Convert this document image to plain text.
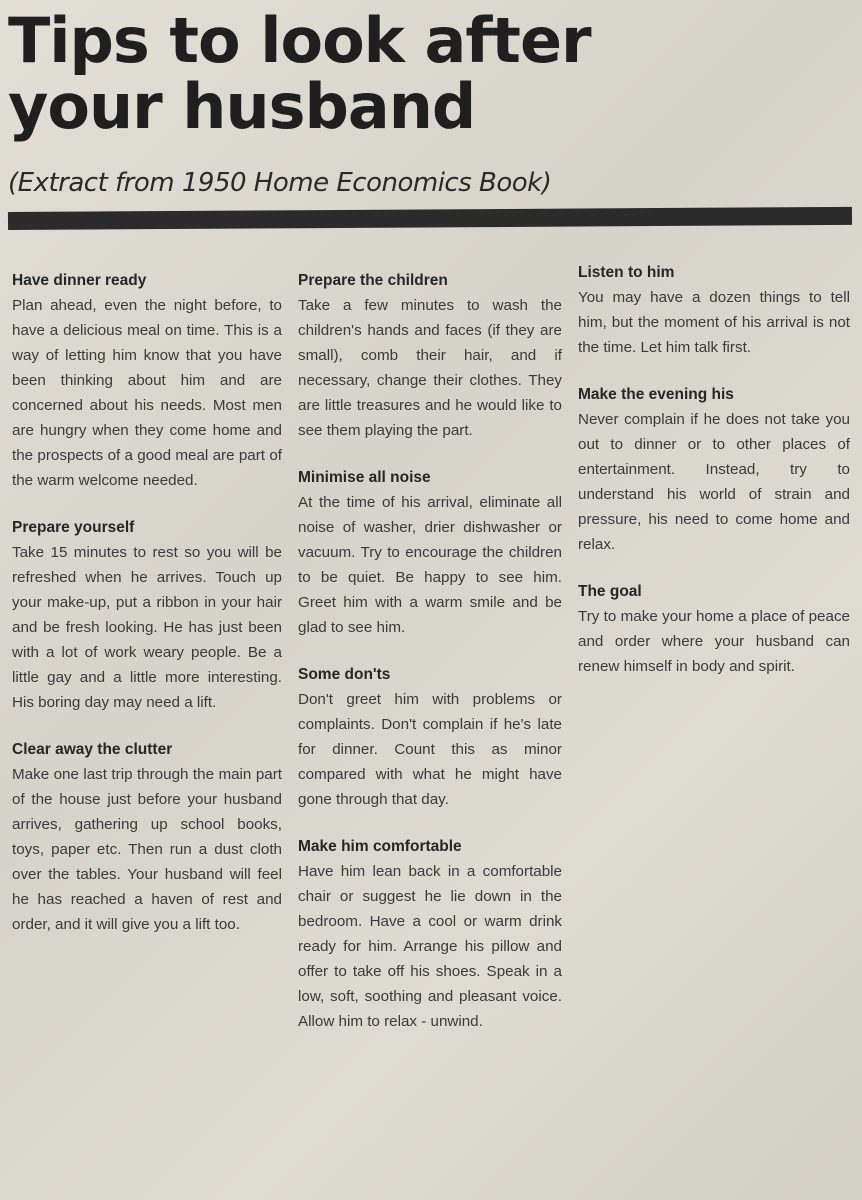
Tips to look after
your husband
(Extract from 1950 Home Economics Book)
Have dinner ready

Plan ahead, even the night before, to have a delicious meal on time. This is a way of letting him know that you have been thinking about him and are concerned about his needs. Most men are hungry when they come home and the prospects of a good meal are part of the warm welcome needed.

Prepare yourself

Take 15 minutes to rest so you will be refreshed when he arrives. Touch up your make-up, put a ribbon in your hair and be fresh looking. He has just been with a lot of work weary people. Be a little gay and a little more interesting. His boring day may need a lift.

Clear away the clutter

Make one last trip through the main part of the house just before your husband arrives, gathering up school books, toys, paper etc. Then run a dust cloth over the tables. Your husband will feel he has reached a haven of rest and order, and it will give you a lift too.

Prepare the children

Take a few minutes to wash the children's hands and faces (if they are small), comb their hair, and if necessary, change their clothes. They are little treasures and he would like to see them playing the part.

Minimise all noise

At the time of his arrival, eliminate all noise of washer, drier dishwasher or vacuum. Try to encourage the children to be quiet. Be happy to see him. Greet him with a warm smile and be glad to see him.

Some don'ts

Don't greet him with problems or complaints. Don't complain if he's late for dinner. Count this as minor compared with what he might have gone through that day.

Make him comfortable

Have him lean back in a comfortable chair or suggest he lie down in the bedroom. Have a cool or warm drink ready for him. Arrange his pillow and offer to take off his shoes. Speak in a low, soft, soothing and pleasant voice. Allow him to relax - unwind.

Listen to him

You may have a dozen things to tell him, but the moment of his arrival is not the time. Let him talk first.

Make the evening his

Never complain if he does not take you out to dinner or to other places of entertainment. Instead, try to understand his world of strain and pressure, his need to come home and relax.

The goal

Try to make your home a place of peace and order where your husband can renew himself in body and spirit.
